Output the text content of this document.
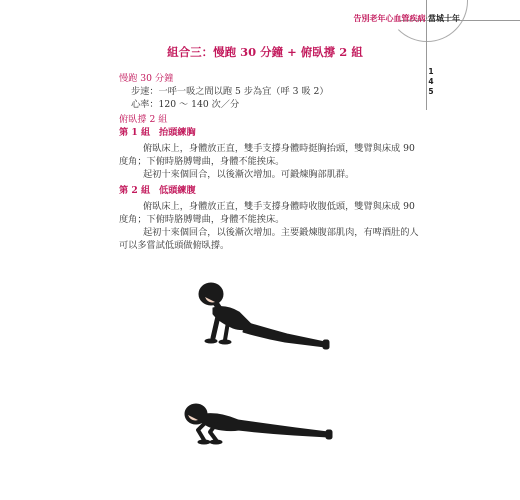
告別老年心血管疾病‧當城十年
1
4
5
組合三：慢跑 30 分鐘 + 俯臥撐 2 組
慢跑 30 分鐘
步速：一呼一吸之間以跑 5 步為宜（呼 3 吸 2）
心率：120 ～ 140 次／分
俯臥撐 2 組
第 1 組 抬頭練胸

俯臥床上，身體放正直，雙手支撐身體時挺胸抬頭，雙臂與床成 90 度角；下俯時胳膊彎曲，身體不能挨床。

起初十來個回合，以後漸次增加。可鍛煉胸部肌群。

第 2 組 低頭練腹

俯臥床上，身體放正直，雙手支撐身體時收腹低頭，雙臂與床成 90 度角；下俯時胳膊彎曲，身體不能挨床。

起初十來個回合，以後漸次增加。主要鍛煉腹部肌肉，有啤酒肚的人可以多嘗試低頭做俯臥撐。
